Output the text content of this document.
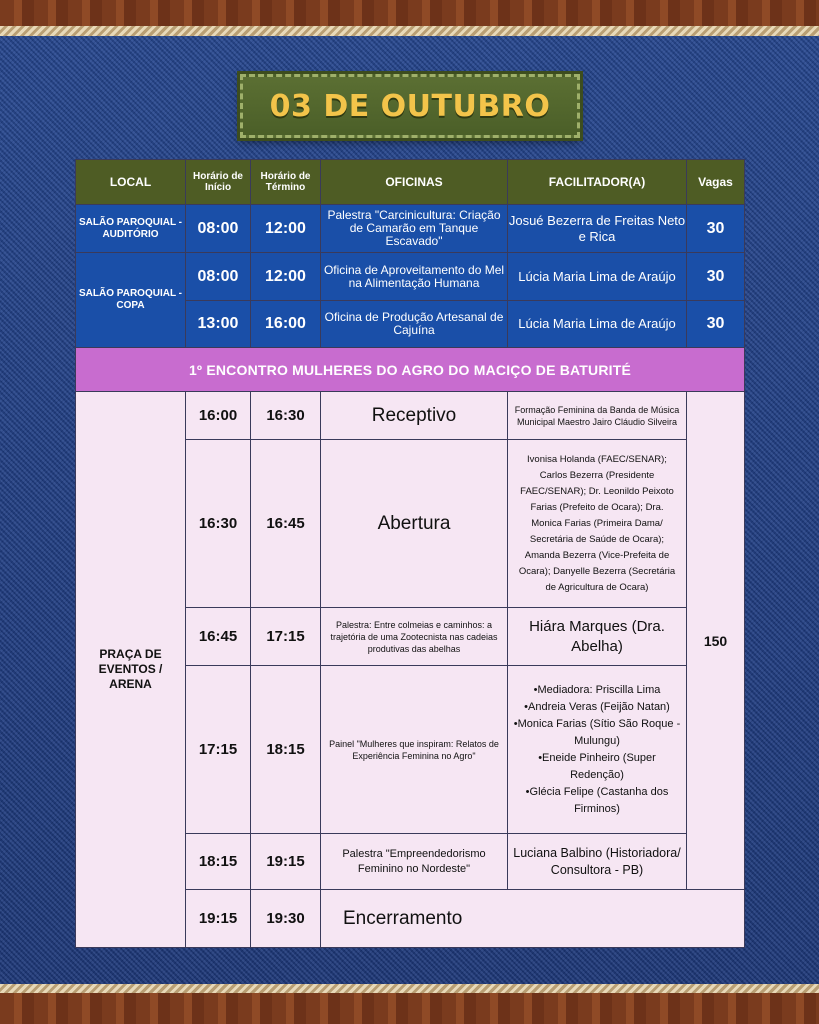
03 DE OUTUBRO
LOCAL	Horário de Início	Horário de Término	OFICINAS	FACILITADOR(A)	Vagas
SALÃO PAROQUIAL - AUDITÓRIO	08:00	12:00	Palestra "Carcinicultura: Criação de Camarão em Tanque Escavado"	Josué Bezerra de Freitas Neto e Rica	30
SALÃO PAROQUIAL - COPA	08:00	12:00	Oficina de Aproveitamento do Mel na Alimentação Humana	Lúcia Maria Lima de Araújo	30
	13:00	16:00	Oficina de Produção Artesanal de Cajuína	Lúcia Maria Lima de Araújo	30
1º ENCONTRO MULHERES DO AGRO DO MACIÇO DE BATURITÉ					
PRAÇA DE EVENTOS / ARENA	16:00	16:30	Receptivo	Formação Feminina da Banda de Música Municipal Maestro Jairo Cláudio Silveira	150
	16:30	16:45	Abertura	Ivonisa Holanda (FAEC/SENAR); Carlos Bezerra (Presidente FAEC/SENAR); Dr. Leonildo Peixoto Farias (Prefeito de Ocara); Dra. Monica Farias (Primeira Dama/ Secretária de Saúde de Ocara); Amanda Bezerra (Vice-Prefeita de Ocara); Danyelle Bezerra (Secretária de Agricultura de Ocara)	
	16:45	17:15	Palestra: Entre colmeias e caminhos: a trajetória de uma Zootecnista nas cadeias produtivas das abelhas	Hiára Marques (Dra. Abelha)	
	17:15	18:15	Painel "Mulheres que inspiram: Relatos de Experiência Feminina no Agro"	•Mediadora: Priscilla Lima
•Andreia Veras (Feijão Natan)
•Monica Farias (Sítio São Roque - Mulungu)
•Eneide Pinheiro (Super Redenção)
•Glécia Felipe (Castanha dos Firminos)	

	18:15	19:15	Palestra "Empreendedorismo Feminino no Nordeste"	Luciana Balbino (Historiadora/ Consultora - PB)	
	19:15	19:30	Encerramento		
